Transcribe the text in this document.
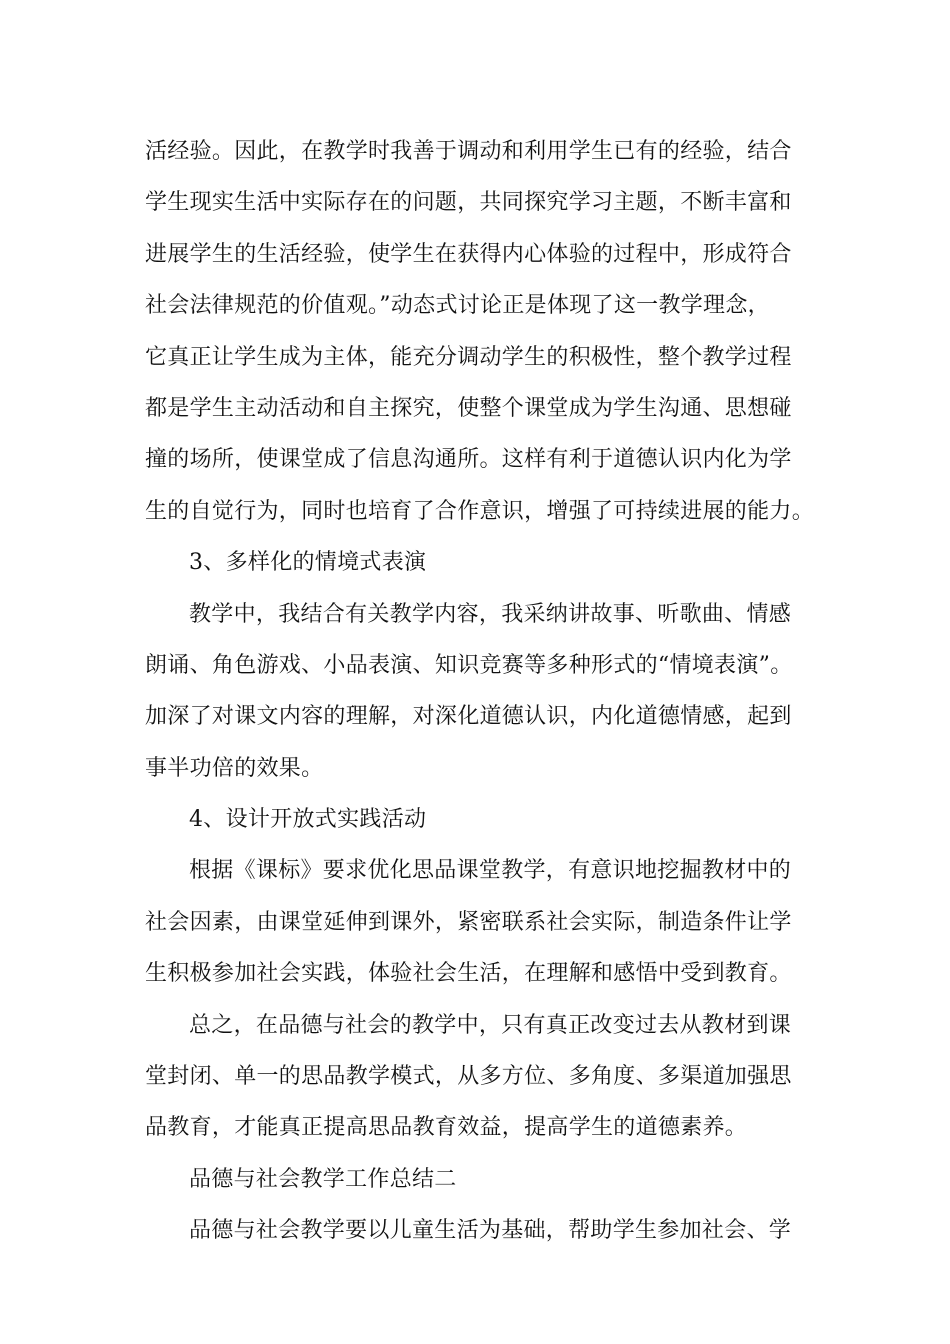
活经验。因此，在教学时我善于调动和利用学生已有的经验，结合
学生现实生活中实际存在的问题，共同探究学习主题，不断丰富和
进展学生的生活经验，使学生在获得内心体验的过程中，形成符合
社会法律规范的价值观。”动态式讨论正是体现了这一教学理念，
它真正让学生成为主体，能充分调动学生的积极性，整个教学过程
都是学生主动活动和自主探究，使整个课堂成为学生沟通、思想碰
撞的场所，使课堂成了信息沟通所。这样有利于道德认识内化为学
生的自觉行为，同时也培育了合作意识，增强了可持续进展的能力。
3、多样化的情境式表演
教学中，我结合有关教学内容，我采纳讲故事、听歌曲、情感
朗诵、角色游戏、小品表演、知识竞赛等多种形式的“情境表演”。
加深了对课文内容的理解，对深化道德认识，内化道德情感，起到
事半功倍的效果。
4、设计开放式实践活动
根据《课标》要求优化思品课堂教学，有意识地挖掘教材中的
社会因素，由课堂延伸到课外，紧密联系社会实际，制造条件让学
生积极参加社会实践，体验社会生活，在理解和感悟中受到教育。
总之，在品德与社会的教学中，只有真正改变过去从教材到课
堂封闭、单一的思品教学模式，从多方位、多角度、多渠道加强思
品教育，才能真正提高思品教育效益，提高学生的道德素养。
品德与社会教学工作总结二
品德与社会教学要以儿童生活为基础，帮助学生参加社会、学
